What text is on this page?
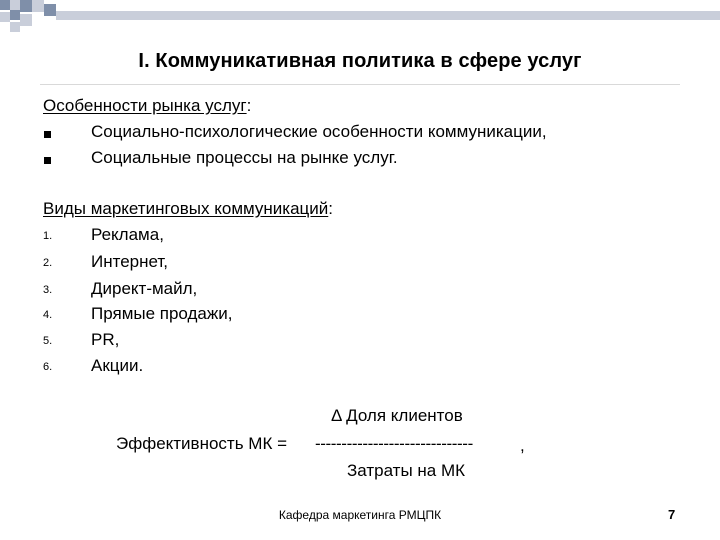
I. Коммуникативная политика в сфере услуг
Особенности рынка услуг:
Социально-психологические особенности коммуникации,
Социальные процессы на рынке услуг.
Виды маркетинговых коммуникаций:
1. Реклама,
2. Интернет,
3. Директ-майл,
4. Прямые продажи,
5. PR,
6. Акции.
Δ Доля клиентов
Эффективность МК = ------------------------------	,
Затраты на МК
Кафедра маркетинга РМЦПК	7
